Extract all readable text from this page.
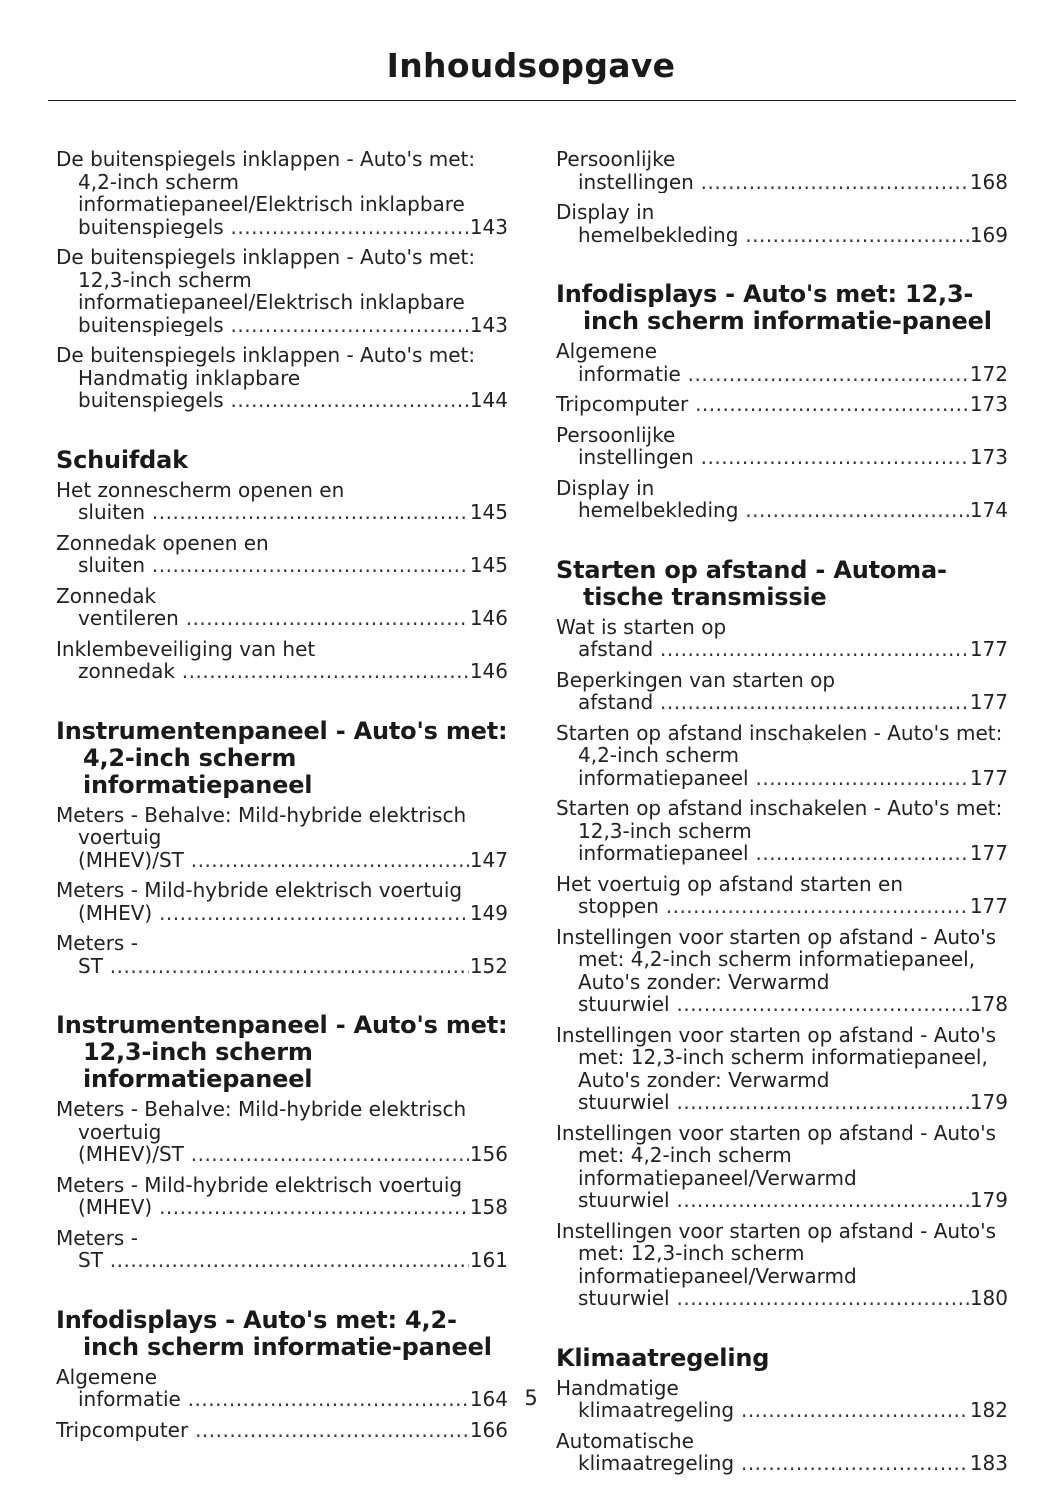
Inhoudsopgave
De buitenspiegels inklappen - Auto's met: 4,2-inch scherm informatiepaneel/Elektrisch inklapbare buitenspiegels .....	143
De buitenspiegels inklappen - Auto's met: 12,3-inch scherm informatiepaneel/Elektrisch inklapbare buitenspiegels .....	143
De buitenspiegels inklappen - Auto's met: Handmatig inklapbare buitenspiegels .....	144
Schuifdak
Het zonnescherm openen en sluiten .....	145
Zonnedak openen en sluiten .....	145
Zonnedak ventileren .....	146
Inklembeveiliging van het zonnedak .....	146
Instrumentenpaneel - Auto's met: 4,2-inch scherm informatiepaneel
Meters - Behalve: Mild-hybride elektrisch voertuig (MHEV)/ST .....	147
Meters - Mild-hybride elektrisch voertuig (MHEV) .....	149
Meters - ST .....	152
Instrumentenpaneel - Auto's met: 12,3-inch scherm informatiepaneel
Meters - Behalve: Mild-hybride elektrisch voertuig (MHEV)/ST .....	156
Meters - Mild-hybride elektrisch voertuig (MHEV) .....	158
Meters - ST .....	161
Infodisplays - Auto's met: 4,2-inch scherm informatie-paneel
Algemene informatie .....	164
Tripcomputer .....	166
Persoonlijke instellingen .....	168
Display in hemelbekleding .....	169
Infodisplays - Auto's met: 12,3-inch scherm informatie-paneel
Algemene informatie .....	172
Tripcomputer .....	173
Persoonlijke instellingen .....	173
Display in hemelbekleding .....	174
Starten op afstand - Automa-tische transmissie
Wat is starten op afstand .....	177
Beperkingen van starten op afstand .....	177
Starten op afstand inschakelen - Auto's met: 4,2-inch scherm informatiepaneel .....	177
Starten op afstand inschakelen - Auto's met: 12,3-inch scherm informatiepaneel .....	177
Het voertuig op afstand starten en stoppen .....	177
Instellingen voor starten op afstand - Auto's met: 4,2-inch scherm informatiepaneel, Auto's zonder: Verwarmd stuurwiel .....	178
Instellingen voor starten op afstand - Auto's met: 12,3-inch scherm informatiepaneel, Auto's zonder: Verwarmd stuurwiel .....	179
Instellingen voor starten op afstand - Auto's met: 4,2-inch scherm informatiepaneel/Verwarmd stuurwiel .....	179
Instellingen voor starten op afstand - Auto's met: 12,3-inch scherm informatiepaneel/Verwarmd stuurwiel .....	180
Klimaatregeling
Handmatige klimaatregeling .....	182
Automatische klimaatregeling .....	183
5
